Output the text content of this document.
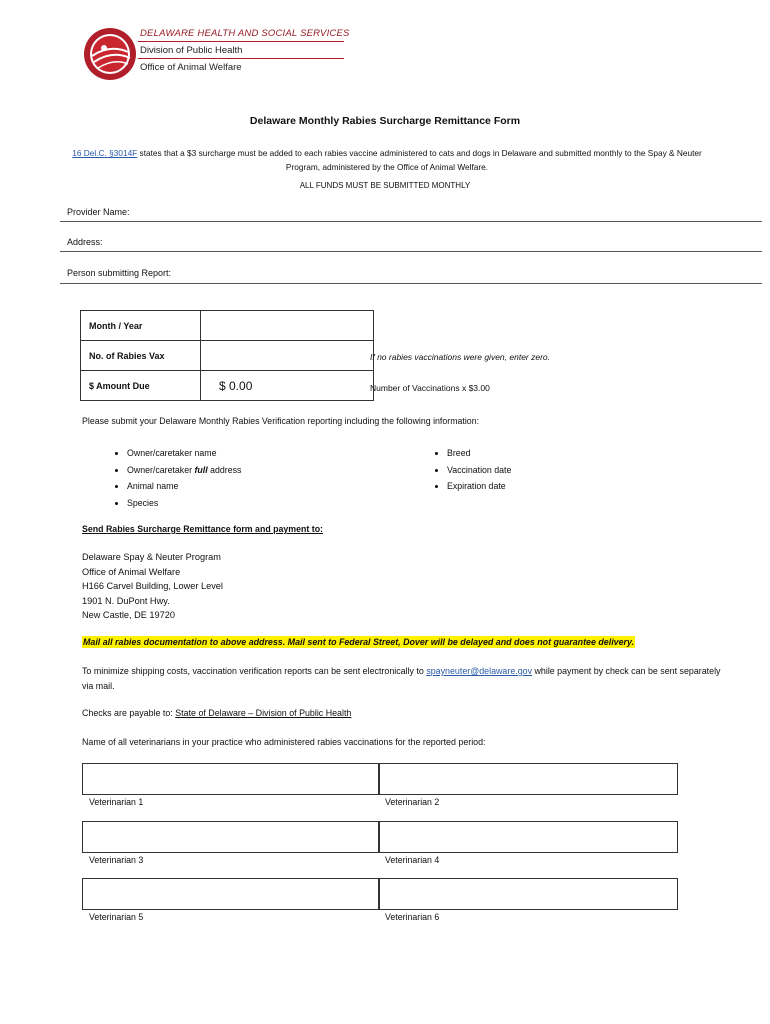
DELAWARE HEALTH AND SOCIAL SERVICES
Division of Public Health
Office of Animal Welfare
Delaware Monthly Rabies Surcharge Remittance Form
16 Del.C. §3014F states that a $3 surcharge must be added to each rabies vaccine administered to cats and dogs in Delaware and submitted monthly to the Spay & Neuter Program, administered by the Office of Animal Welfare.
ALL FUNDS MUST BE SUBMITTED MONTHLY
Provider Name:
Address:
Person submitting Report:
Month / Year	
No. of Rabies Vax	
$ Amount Due	$ 0.00
If no rabies vaccinations were given, enter zero.
Number of Vaccinations x $3.00
Please submit your Delaware Monthly Rabies Verification reporting including the following information:
• Owner/caretaker name
• Owner/caretaker full address
• Animal name
• Species
• Breed
• Vaccination date
• Expiration date
Send Rabies Surcharge Remittance form and payment to:
Delaware Spay & Neuter Program
Office of Animal Welfare
H166 Carvel Building, Lower Level
1901 N. DuPont Hwy.
New Castle, DE 19720
Mail all rabies documentation to above address. Mail sent to Federal Street, Dover will be delayed and does not guarantee delivery.
To minimize shipping costs, vaccination verification reports can be sent electronically to spayneuter@delaware.gov while payment by check can be sent separately via mail.
Checks are payable to: State of Delaware – Division of Public Health
Name of all veterinarians in your practice who administered rabies vaccinations for the reported period:
Veterinarian 1	Veterinarian 2
Veterinarian 3	Veterinarian 4
Veterinarian 5	Veterinarian 6
